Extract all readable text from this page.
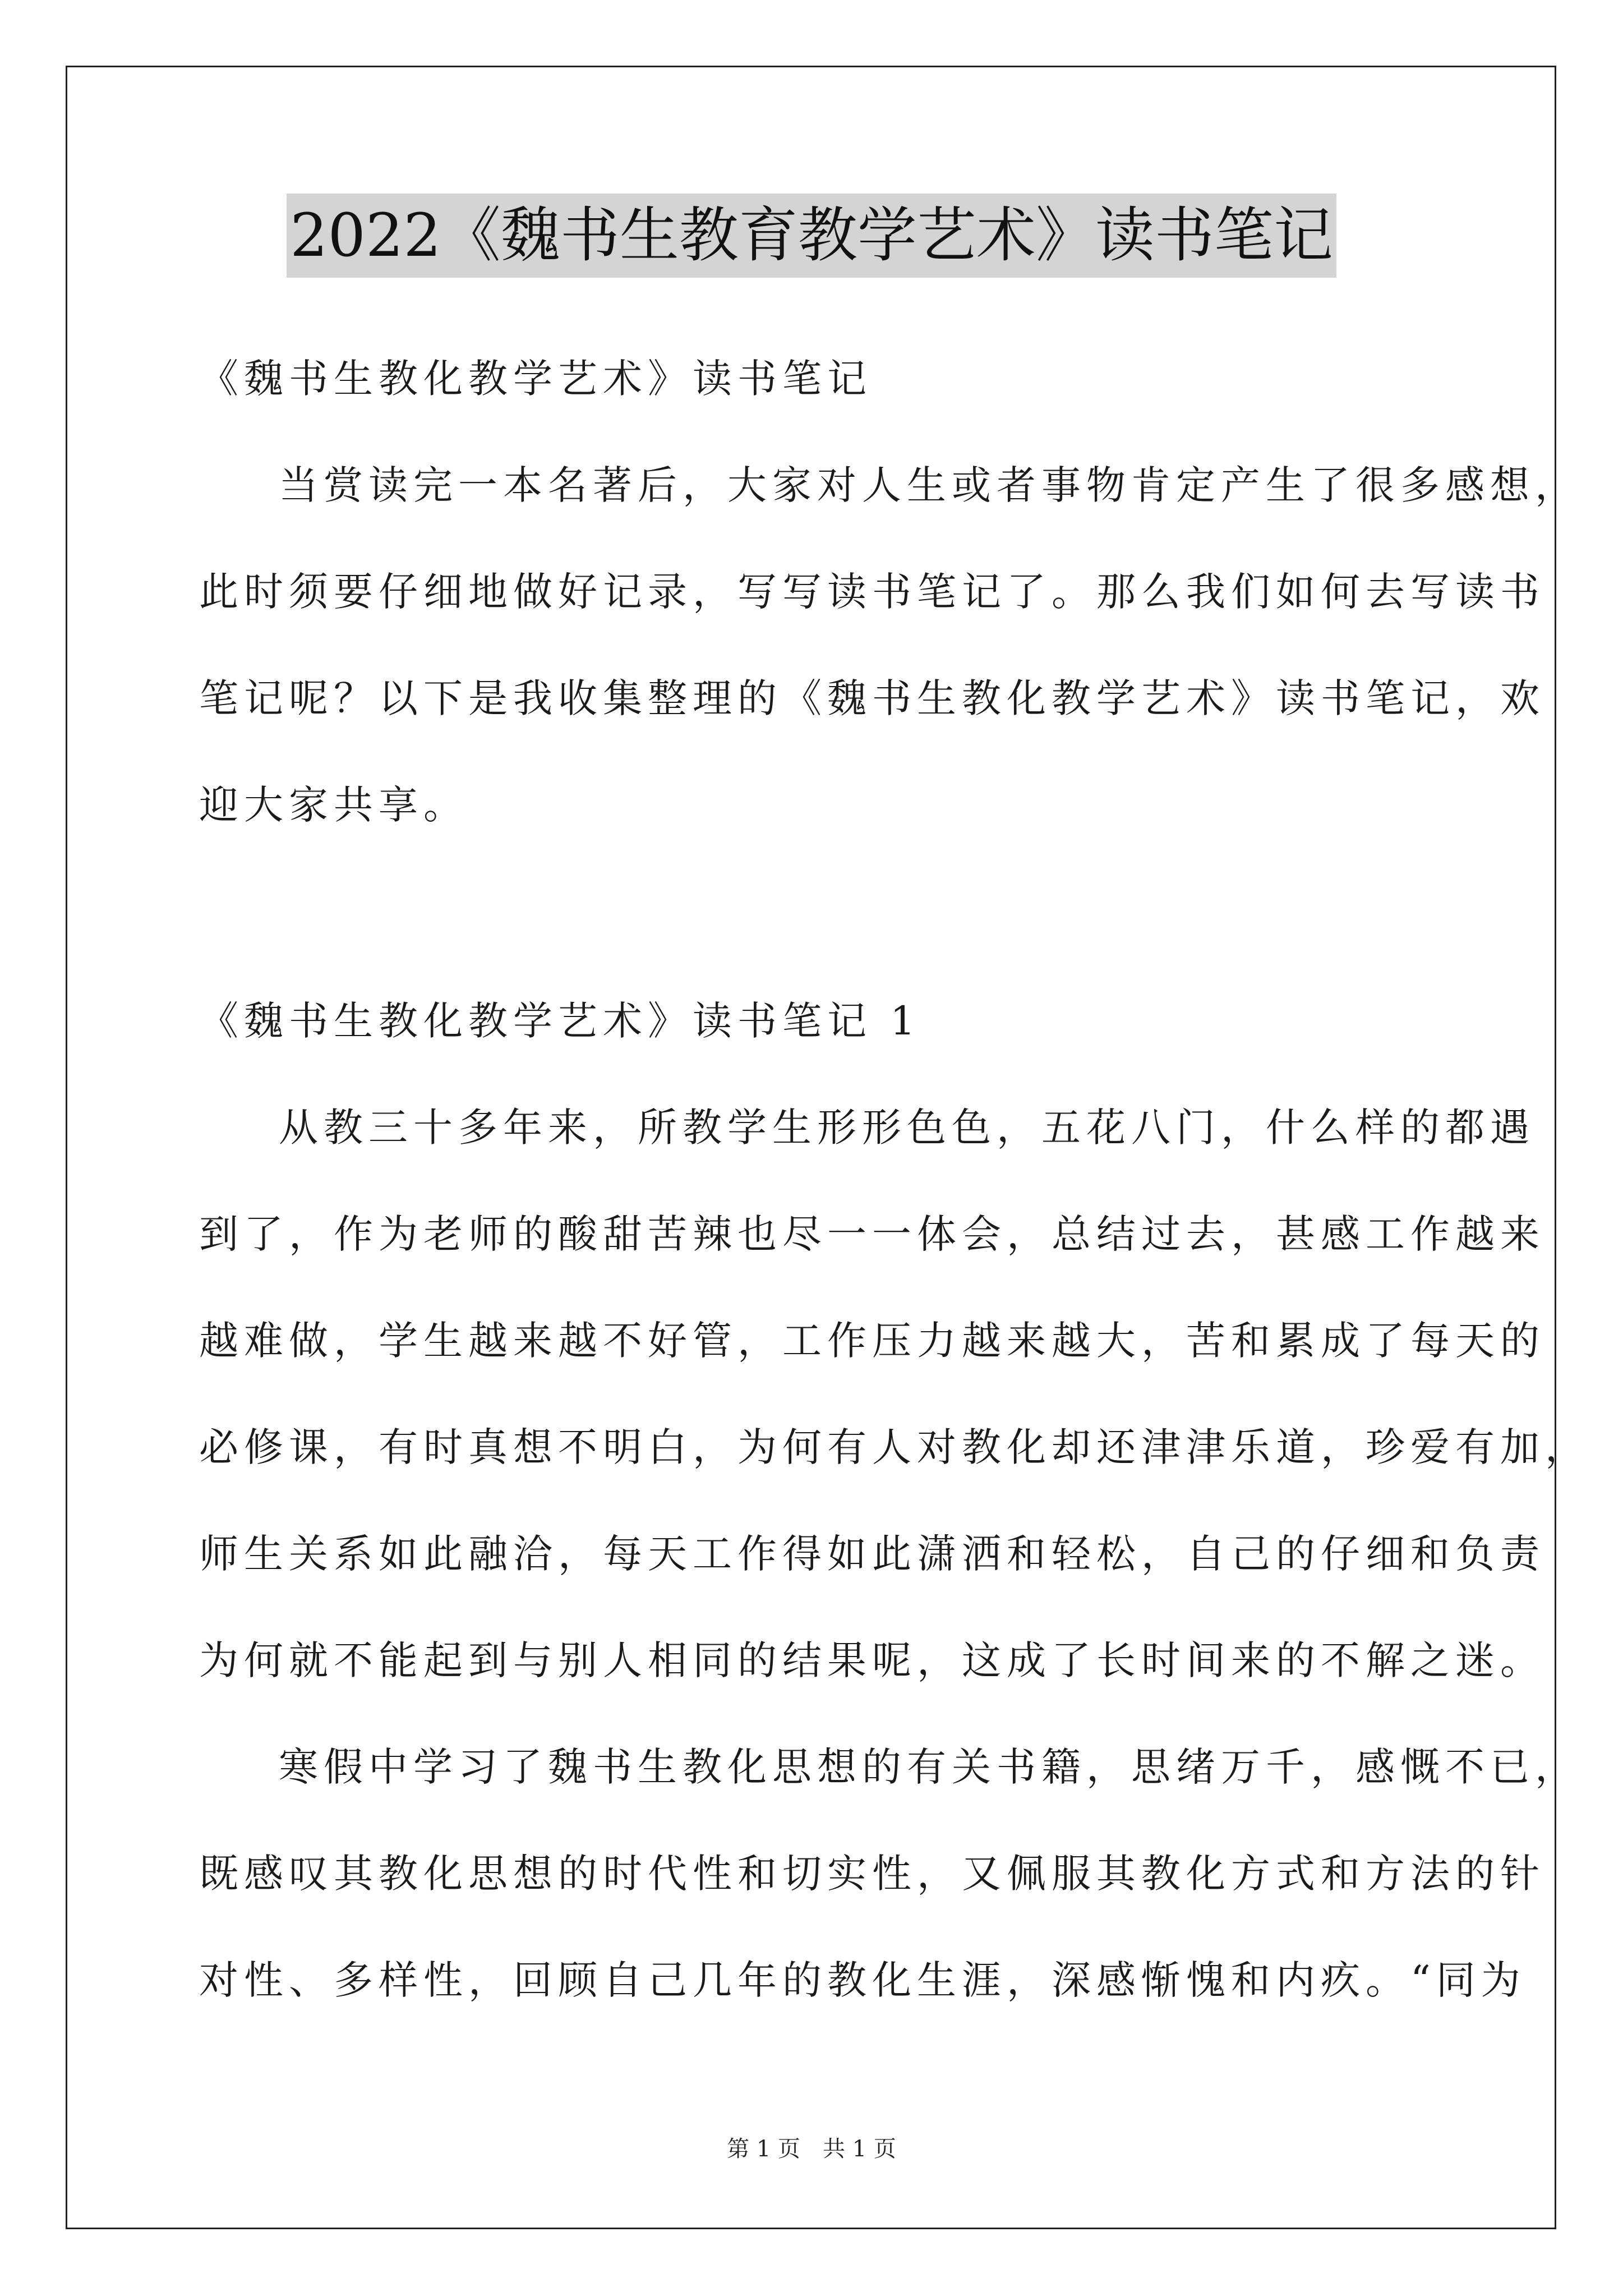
2022《魏书生教育教学艺术》读书笔记
《魏书生教化教学艺术》读书笔记
当赏读完一本名著后，大家对人生或者事物肯定产生了很多感想，
此时须要仔细地做好记录，写写读书笔记了。那么我们如何去写读书
笔记呢？以下是我收集整理的《魏书生教化教学艺术》读书笔记，欢
迎大家共享。
《魏书生教化教学艺术》读书笔记 1
从教三十多年来，所教学生形形色色，五花八门，什么样的都遇
到了，作为老师的酸甜苦辣也尽一一体会，总结过去，甚感工作越来
越难做，学生越来越不好管，工作压力越来越大，苦和累成了每天的
必修课，有时真想不明白，为何有人对教化却还津津乐道，珍爱有加，
师生关系如此融洽，每天工作得如此潇洒和轻松，自己的仔细和负责
为何就不能起到与别人相同的结果呢，这成了长时间来的不解之迷。
寒假中学习了魏书生教化思想的有关书籍，思绪万千，感慨不已，
既感叹其教化思想的时代性和切实性，又佩服其教化方式和方法的针
对性、多样性，回顾自己几年的教化生涯，深感惭愧和内疚。“同为
第 1 页　共 1 页
